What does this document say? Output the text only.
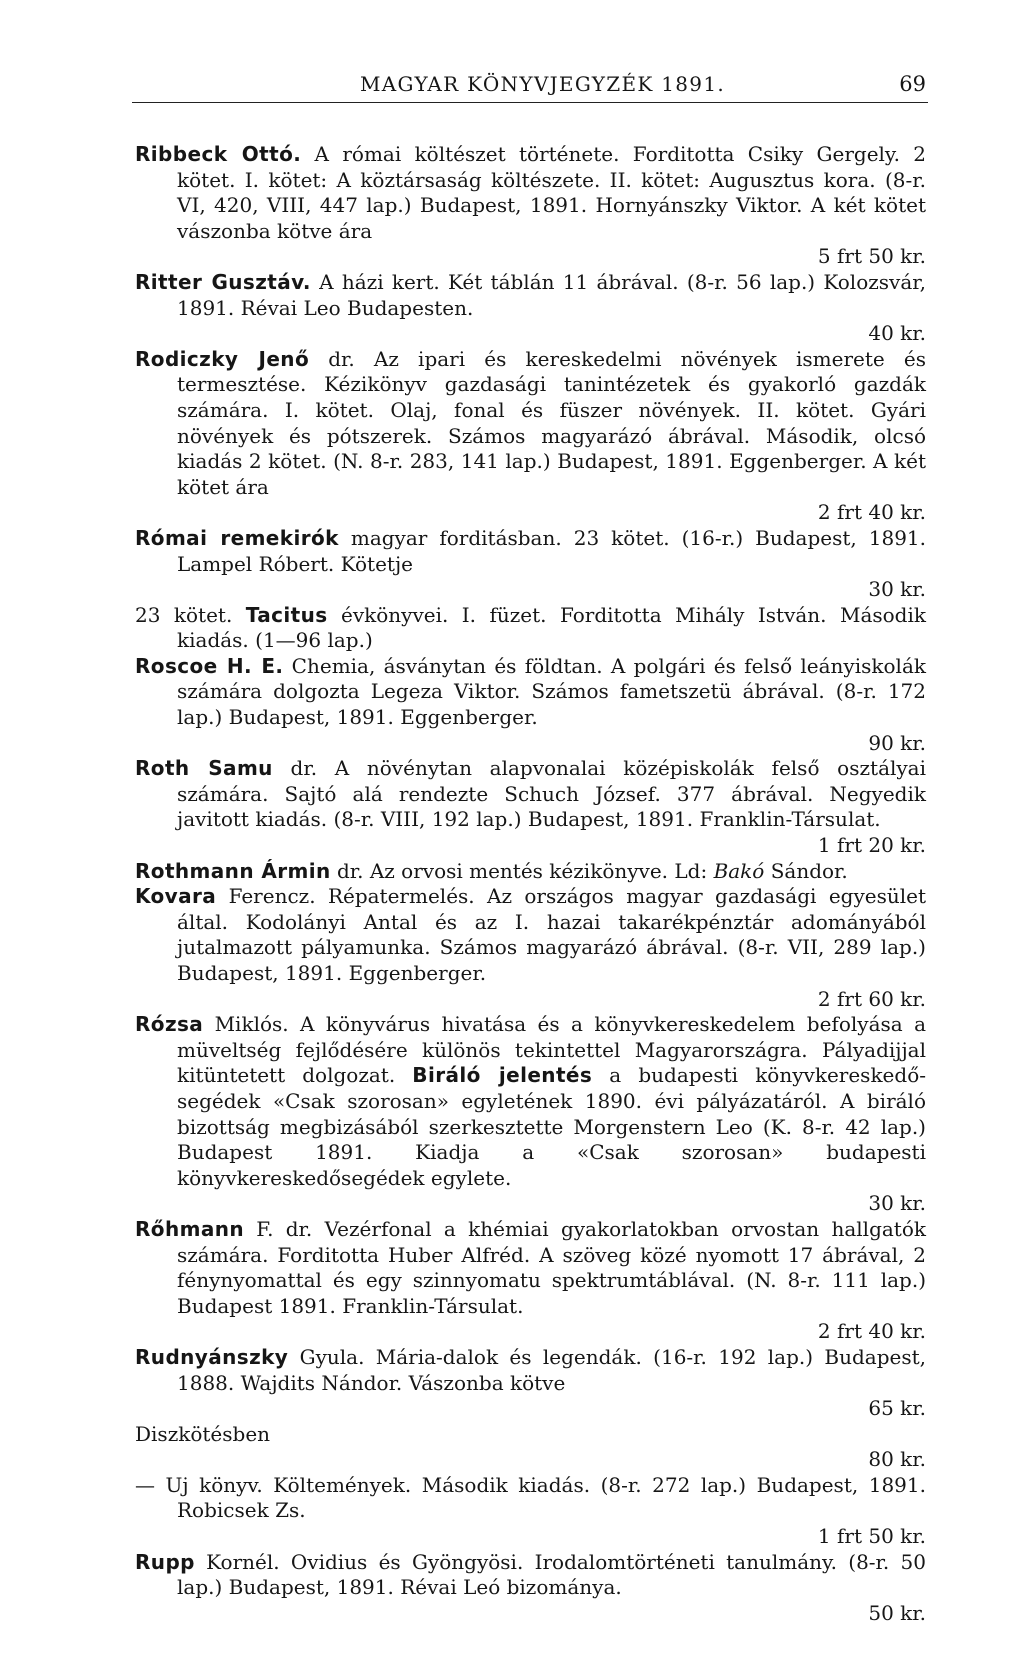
MAGYAR KÖNYVJEGYZÉK 1891.	69
Ribbeck Ottó. A római költészet története. Forditotta Csiky Gergely. 2 kötet. I. kötet: A köztársaság költészete. II. kötet: Augusztus kora. (8-r. VI, 420, VIII, 447 lap.) Budapest, 1891. Hornyánszky Viktor. A két kötet vászonba kötve ára
5 frt 50 kr.
Ritter Gusztáv. A házi kert. Két táblán 11 ábrával. (8-r. 56 lap.) Kolozsvár, 1891. Révai Leo Budapesten.
40 kr.
Rodiczky Jenő dr. Az ipari és kereskedelmi növények ismerete és termesztése. Kézikönyv gazdasági tanintézetek és gyakorló gazdák számára. I. kötet. Olaj, fonal és füszer növények. II. kötet. Gyári növények és pótszerek. Számos magyarázó ábrával. Második, olcsó kiadás 2 kötet. (N. 8-r. 283, 141 lap.) Budapest, 1891. Eggenberger. A két kötet ára
2 frt 40 kr.
Római remekirók magyar forditásban. 23 kötet. (16-r.) Budapest, 1891. Lampel Róbert. Kötetje
30 kr.
23 kötet. Tacitus évkönyvei. I. füzet. Forditotta Mihály István. Második kiadás. (1—96 lap.)
Roscoe H. E. Chemia, ásványtan és földtan. A polgári és felső leányiskolák számára dolgozta Legeza Viktor. Számos fametszetü ábrával. (8-r. 172 lap.) Budapest, 1891. Eggenberger.
90 kr.
Roth Samu dr. A növénytan alapvonalai középiskolák felső osztályai számára. Sajtó alá rendezte Schuch József. 377 ábrával. Negyedik javitott kiadás. (8-r. VIII, 192 lap.) Budapest, 1891. Franklin-Társulat.
1 frt 20 kr.
Rothmann Ármin dr. Az orvosi mentés kézikönyve. Ld: Bakó Sándor.
Kovara Ferencz. Répatermelés. Az országos magyar gazdasági egyesület által. Kodolányi Antal és az I. hazai takarékpénztár adományából jutalmazott pályamunka. Számos magyarázó ábrával. (8-r. VII, 289 lap.) Budapest, 1891. Eggenberger.
2 frt 60 kr.
Rózsa Miklós. A könyvárus hivatása és a könyvkereskedelem befolyása a müveltség fejlődésére különös tekintettel Magyarországra. Pályadijjal kitüntetett dolgozat. Biráló jelentés a budapesti könyvkereskedő-segédek «Csak szorosan» egyletének 1890. évi pályázatáról. A biráló bizottság megbizásából szerkesztette Morgenstern Leo (K. 8-r. 42 lap.) Budapest 1891. Kiadja a «Csak szorosan» budapesti könyvkereskedősegédek egylete.
30 kr.
Rőhmann F. dr. Vezérfonal a khémiai gyakorlatokban orvostan hallgatók számára. Forditotta Huber Alfréd. A szöveg közé nyomott 17 ábrával, 2 fénynyomattal és egy szinnyomatu spektrumtáblával. (N. 8-r. 111 lap.) Budapest 1891. Franklin-Társulat.
2 frt 40 kr.
Rudnyánszky Gyula. Mária-dalok és legendák. (16-r. 192 lap.) Budapest, 1888. Wajdits Nándor. Vászonba kötve
65 kr.
Diszkötésben
80 kr.
— Uj könyv. Költemények. Második kiadás. (8-r. 272 lap.) Budapest, 1891. Robicsek Zs.
1 frt 50 kr.
Rupp Kornél. Ovidius és Gyöngyösi. Irodalomtörténeti tanulmány. (8-r. 50 lap.) Budapest, 1891. Révai Leó bizománya.
50 kr.
